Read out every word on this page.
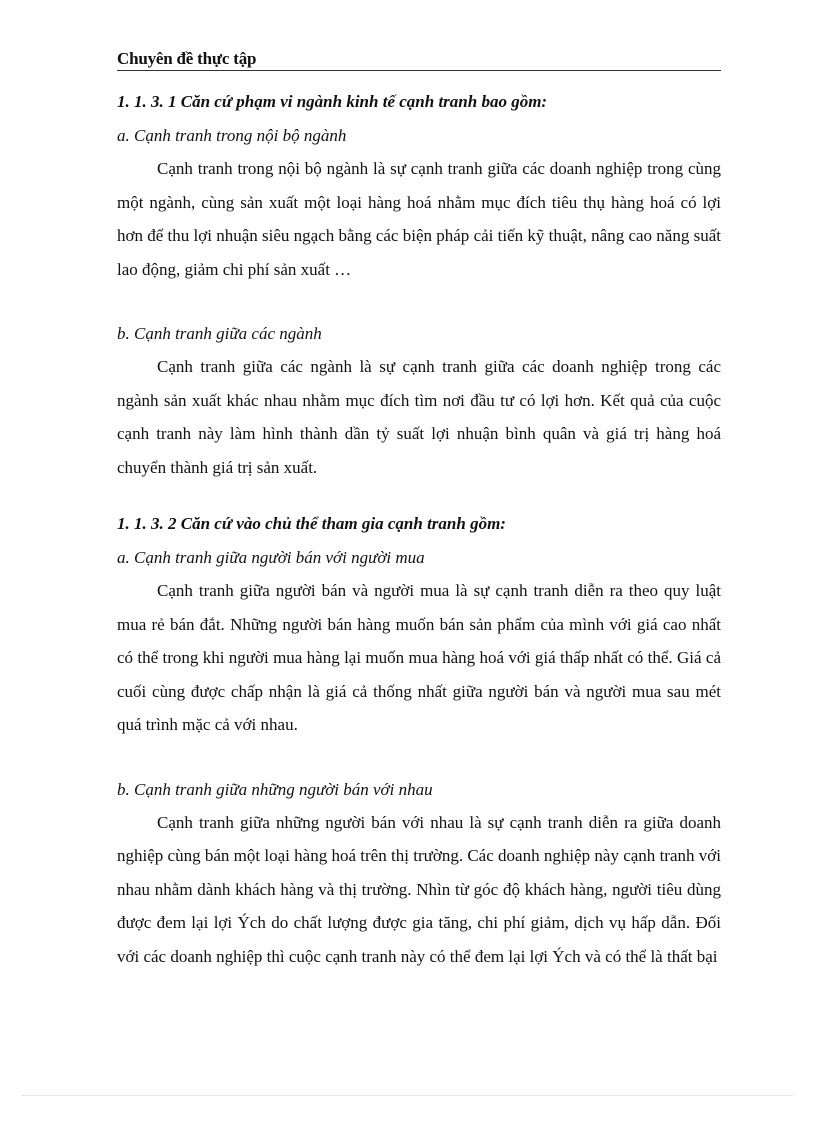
Chuyên đề thực tập

1. 1. 3. 1 Căn cứ phạm vi ngành kinh tế cạnh tranh bao gồm:

a. Cạnh tranh trong nội bộ ngành

Cạnh tranh trong nội bộ ngành là sự cạnh tranh giữa các doanh nghiệp trong cùng một ngành, cùng sản xuất một loại hàng hoá nhằm mục đích tiêu thụ hàng hoá có lợi hơn để thu lợi nhuận siêu ngạch bằng các biện pháp cải tiến kỹ thuật, nâng cao năng suất lao động, giảm chi phí sản xuất …

b. Cạnh tranh giữa các ngành

Cạnh tranh giữa các ngành là sự cạnh tranh giữa các doanh nghiệp trong các ngành sản xuất khác nhau nhằm mục đích tìm nơi đầu tư có lợi hơn. Kết quả của cuộc cạnh tranh này làm hình thành dần tỷ suất lợi nhuận bình quân và giá trị hàng hoá chuyển thành giá trị sản xuất.

1. 1. 3. 2 Căn cứ vào chủ thể tham gia cạnh tranh gồm:

a. Cạnh tranh giữa người bán với người mua

Cạnh tranh giữa người bán và người mua là sự cạnh tranh diễn ra theo quy luật mua rẻ bán đắt. Những người bán hàng muốn bán sản phẩm của mình với giá cao nhất có thể trong khi người mua hàng lại muốn mua hàng hoá với giá thấp nhất có thể. Giá cả cuối cùng được chấp nhận là giá cả thống nhất giữa người bán và người mua sau mét quá trình mặc cả với nhau.

b. Cạnh tranh giữa những người bán với nhau

Cạnh tranh giữa những người bán với nhau là sự cạnh tranh diễn ra giữa doanh nghiệp cùng bán một loại hàng hoá trên thị trường. Các doanh nghiệp này cạnh tranh với nhau nhằm dành khách hàng và thị trường. Nhìn từ góc độ khách hàng, người tiêu dùng được đem lại lợi Ých do chất lượng được gia tăng, chi phí giảm, dịch vụ hấp dẫn. Đối với các doanh nghiệp thì cuộc cạnh tranh này có thể đem lại lợi Ých và có thể là thất bại
